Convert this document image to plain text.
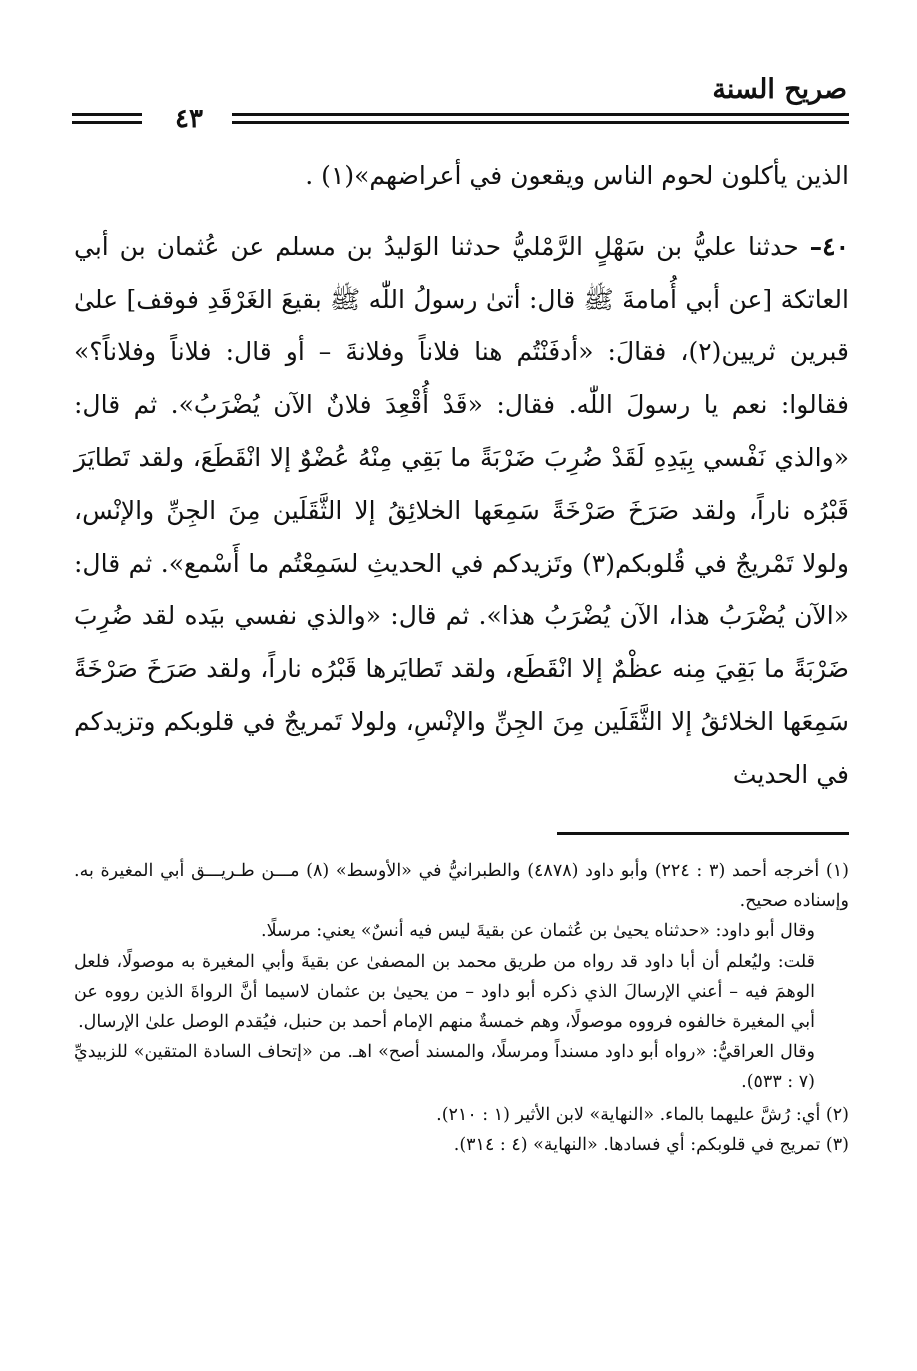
صريح السنة
٤٣

الذين يأكلون لحوم الناس ويقعون في أعراضهم»(١) .

٤٠– حدثنا عليُّ بن سَهْلٍ الرَّمْليُّ حدثنا الوَليدُ بن مسلم عن عُثمان بن أبي العاتكة [عن أبي أُمامةَ ﷺ قال: أتىٰ رسولُ اللّٰه ﷺ بقيعَ الغَرْقَدِ فوقف] علىٰ قبرين ثريين(٢)، فقالَ: «أدفَنْتُم هنا فلاناً وفلانةَ – أو قال: فلاناً وفلاناً؟» فقالوا: نعم يا رسولَ اللّٰه. فقال: «قَدْ أُقْعِدَ فلانٌ الآن يُضْرَبُ». ثم قال: «والذي نَفْسي بِيَدِهِ لَقَدْ ضُرِبَ ضَرْبَةً ما بَقِي مِنْهُ عُضْوٌ إلا انْقَطَعَ، ولقد تَطايَرَ قَبْرُه ناراً، ولقد صَرَخَ صَرْخَةً سَمِعَها الخلائِقُ إلا الثَّقَلَين مِنَ الجِنِّ والإنْس، ولولا تَمْريجٌ في قُلوبكم(٣) وتَزيدكم في الحديثِ لسَمِعْتُم ما أَسْمع». ثم قال: «الآن يُضْرَبُ هذا، الآن يُضْرَبُ هذا». ثم قال: «والذي نفسي بيَده لقد ضُرِبَ ضَرْبَةً ما بَقِيَ مِنه عظْمٌ إلا انْقَطَع، ولقد تَطايَرها قَبْرُه ناراً، ولقد صَرَخَ صَرْخَةً سَمِعَها الخلائقُ إلا الثَّقَلَين مِنَ الجِنِّ والإنْسِ، ولولا تَمريجٌ في قلوبكم وتزيدكم في الحديث

(١) أخرجه أحمد (٣ : ٢٢٤) وأبو داود (٤٨٧٨) والطبرانيُّ في «الأوسط» (٨) مـــن طـريـــق أبي المغيرة به. وإسناده صحيح.

وقال أبو داود: «حدثناه يحيىٰ بن عُثمان عن بقيةَ ليس فيه أنسٌ» يعني: مرسلًا.

قلت: وليُعلم أن أبا داود قد رواه من طريق محمد بن المصفىٰ عن بقيةَ وأبي المغيرة به موصولًا، فلعل الوهمَ فيه – أعني الإرسالَ الذي ذكره أبو داود – من يحيىٰ بن عثمان لاسيما أنَّ الرواةَ الذين رووه عن أبي المغيرة خالفوه فرووه موصولًا، وهم خمسةٌ منهم الإمام أحمد بن حنبل، فيُقدم الوصل علىٰ الإرسال.

وقال العراقيُّ: «رواه أبو داود مسنداً ومرسلًا، والمسند أصح» اهـ. من «إتحاف السادة المتقين» للزبيديِّ (٧ : ٥٣٣).

(٢) أي: رُشَّ عليهما بالماء. «النهاية» لابن الأثير (١ : ٢١٠).

(٣) تمريج في قلوبكم: أي فسادها. «النهاية» (٤ : ٣١٤).
